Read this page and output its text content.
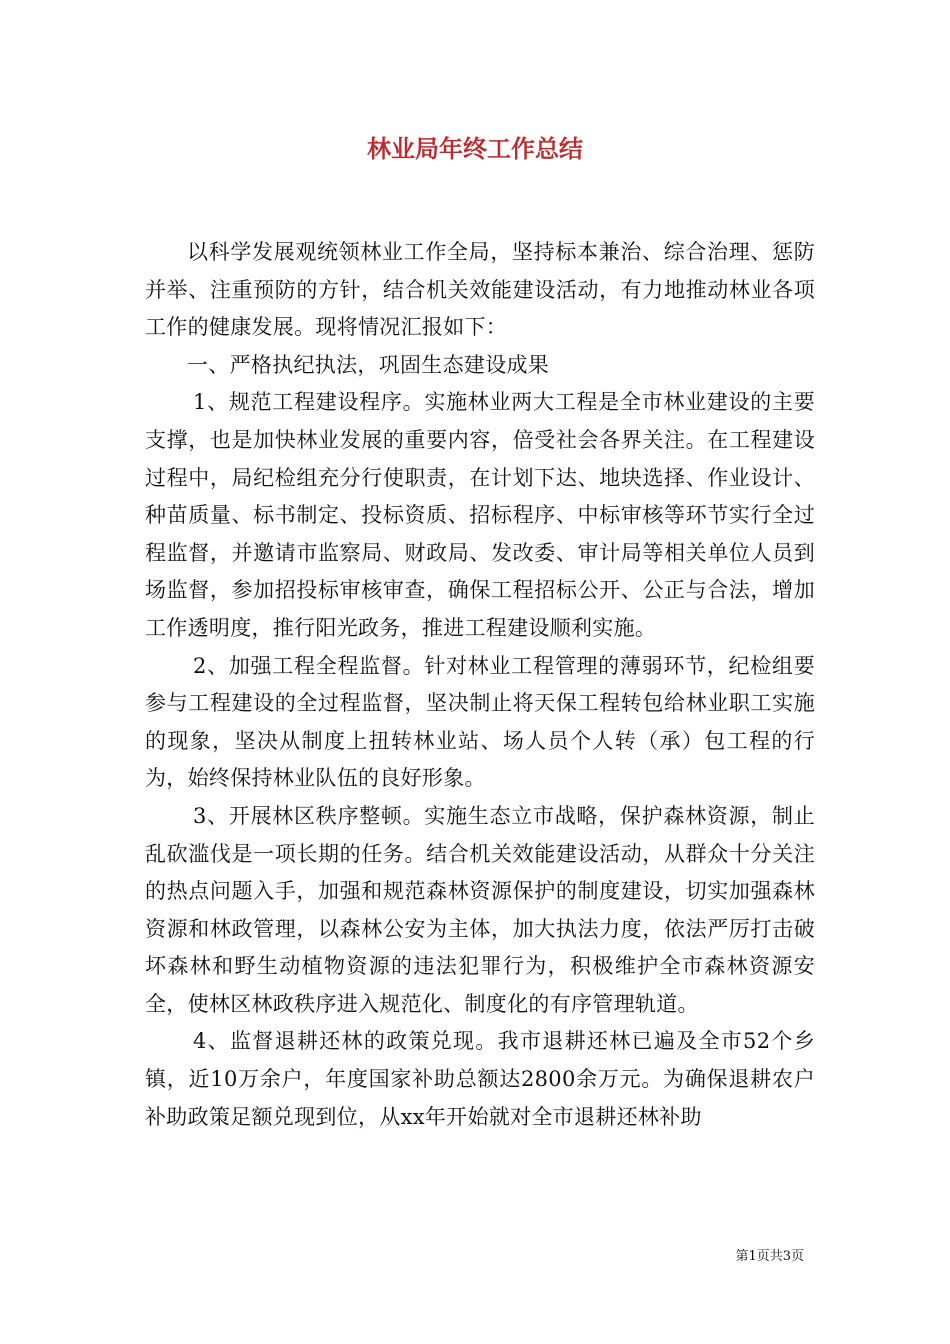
林业局年终工作总结

以科学发展观统领林业工作全局，坚持标本兼治、综合治理、惩防并举、注重预防的方针，结合机关效能建设活动，有力地推动林业各项工作的健康发展。现将情况汇报如下：

一、严格执纪执法，巩固生态建设成果

1、规范工程建设程序。实施林业两大工程是全市林业建设的主要支撑，也是加快林业发展的重要内容，倍受社会各界关注。在工程建设过程中，局纪检组充分行使职责，在计划下达、地块选择、作业设计、种苗质量、标书制定、投标资质、招标程序、中标审核等环节实行全过程监督，并邀请市监察局、财政局、发改委、审计局等相关单位人员到场监督，参加招投标审核审查，确保工程招标公开、公正与合法，增加工作透明度，推行阳光政务，推进工程建设顺利实施。

2、加强工程全程监督。针对林业工程管理的薄弱环节，纪检组要参与工程建设的全过程监督，坚决制止将天保工程转包给林业职工实施的现象，坚决从制度上扭转林业站、场人员个人转（承）包工程的行为，始终保持林业队伍的良好形象。

3、开展林区秩序整顿。实施生态立市战略，保护森林资源，制止乱砍滥伐是一项长期的任务。结合机关效能建设活动，从群众十分关注的热点问题入手，加强和规范森林资源保护的制度建设，切实加强森林资源和林政管理，以森林公安为主体，加大执法力度，依法严厉打击破坏森林和野生动植物资源的违法犯罪行为，积极维护全市森林资源安全，使林区林政秩序进入规范化、制度化的有序管理轨道。

4、监督退耕还林的政策兑现。我市退耕还林已遍及全市52个乡镇，近10万余户，年度国家补助总额达2800余万元。为确保退耕农户补助政策足额兑现到位，从xx年开始就对全市退耕还林补助

第1页共3页
